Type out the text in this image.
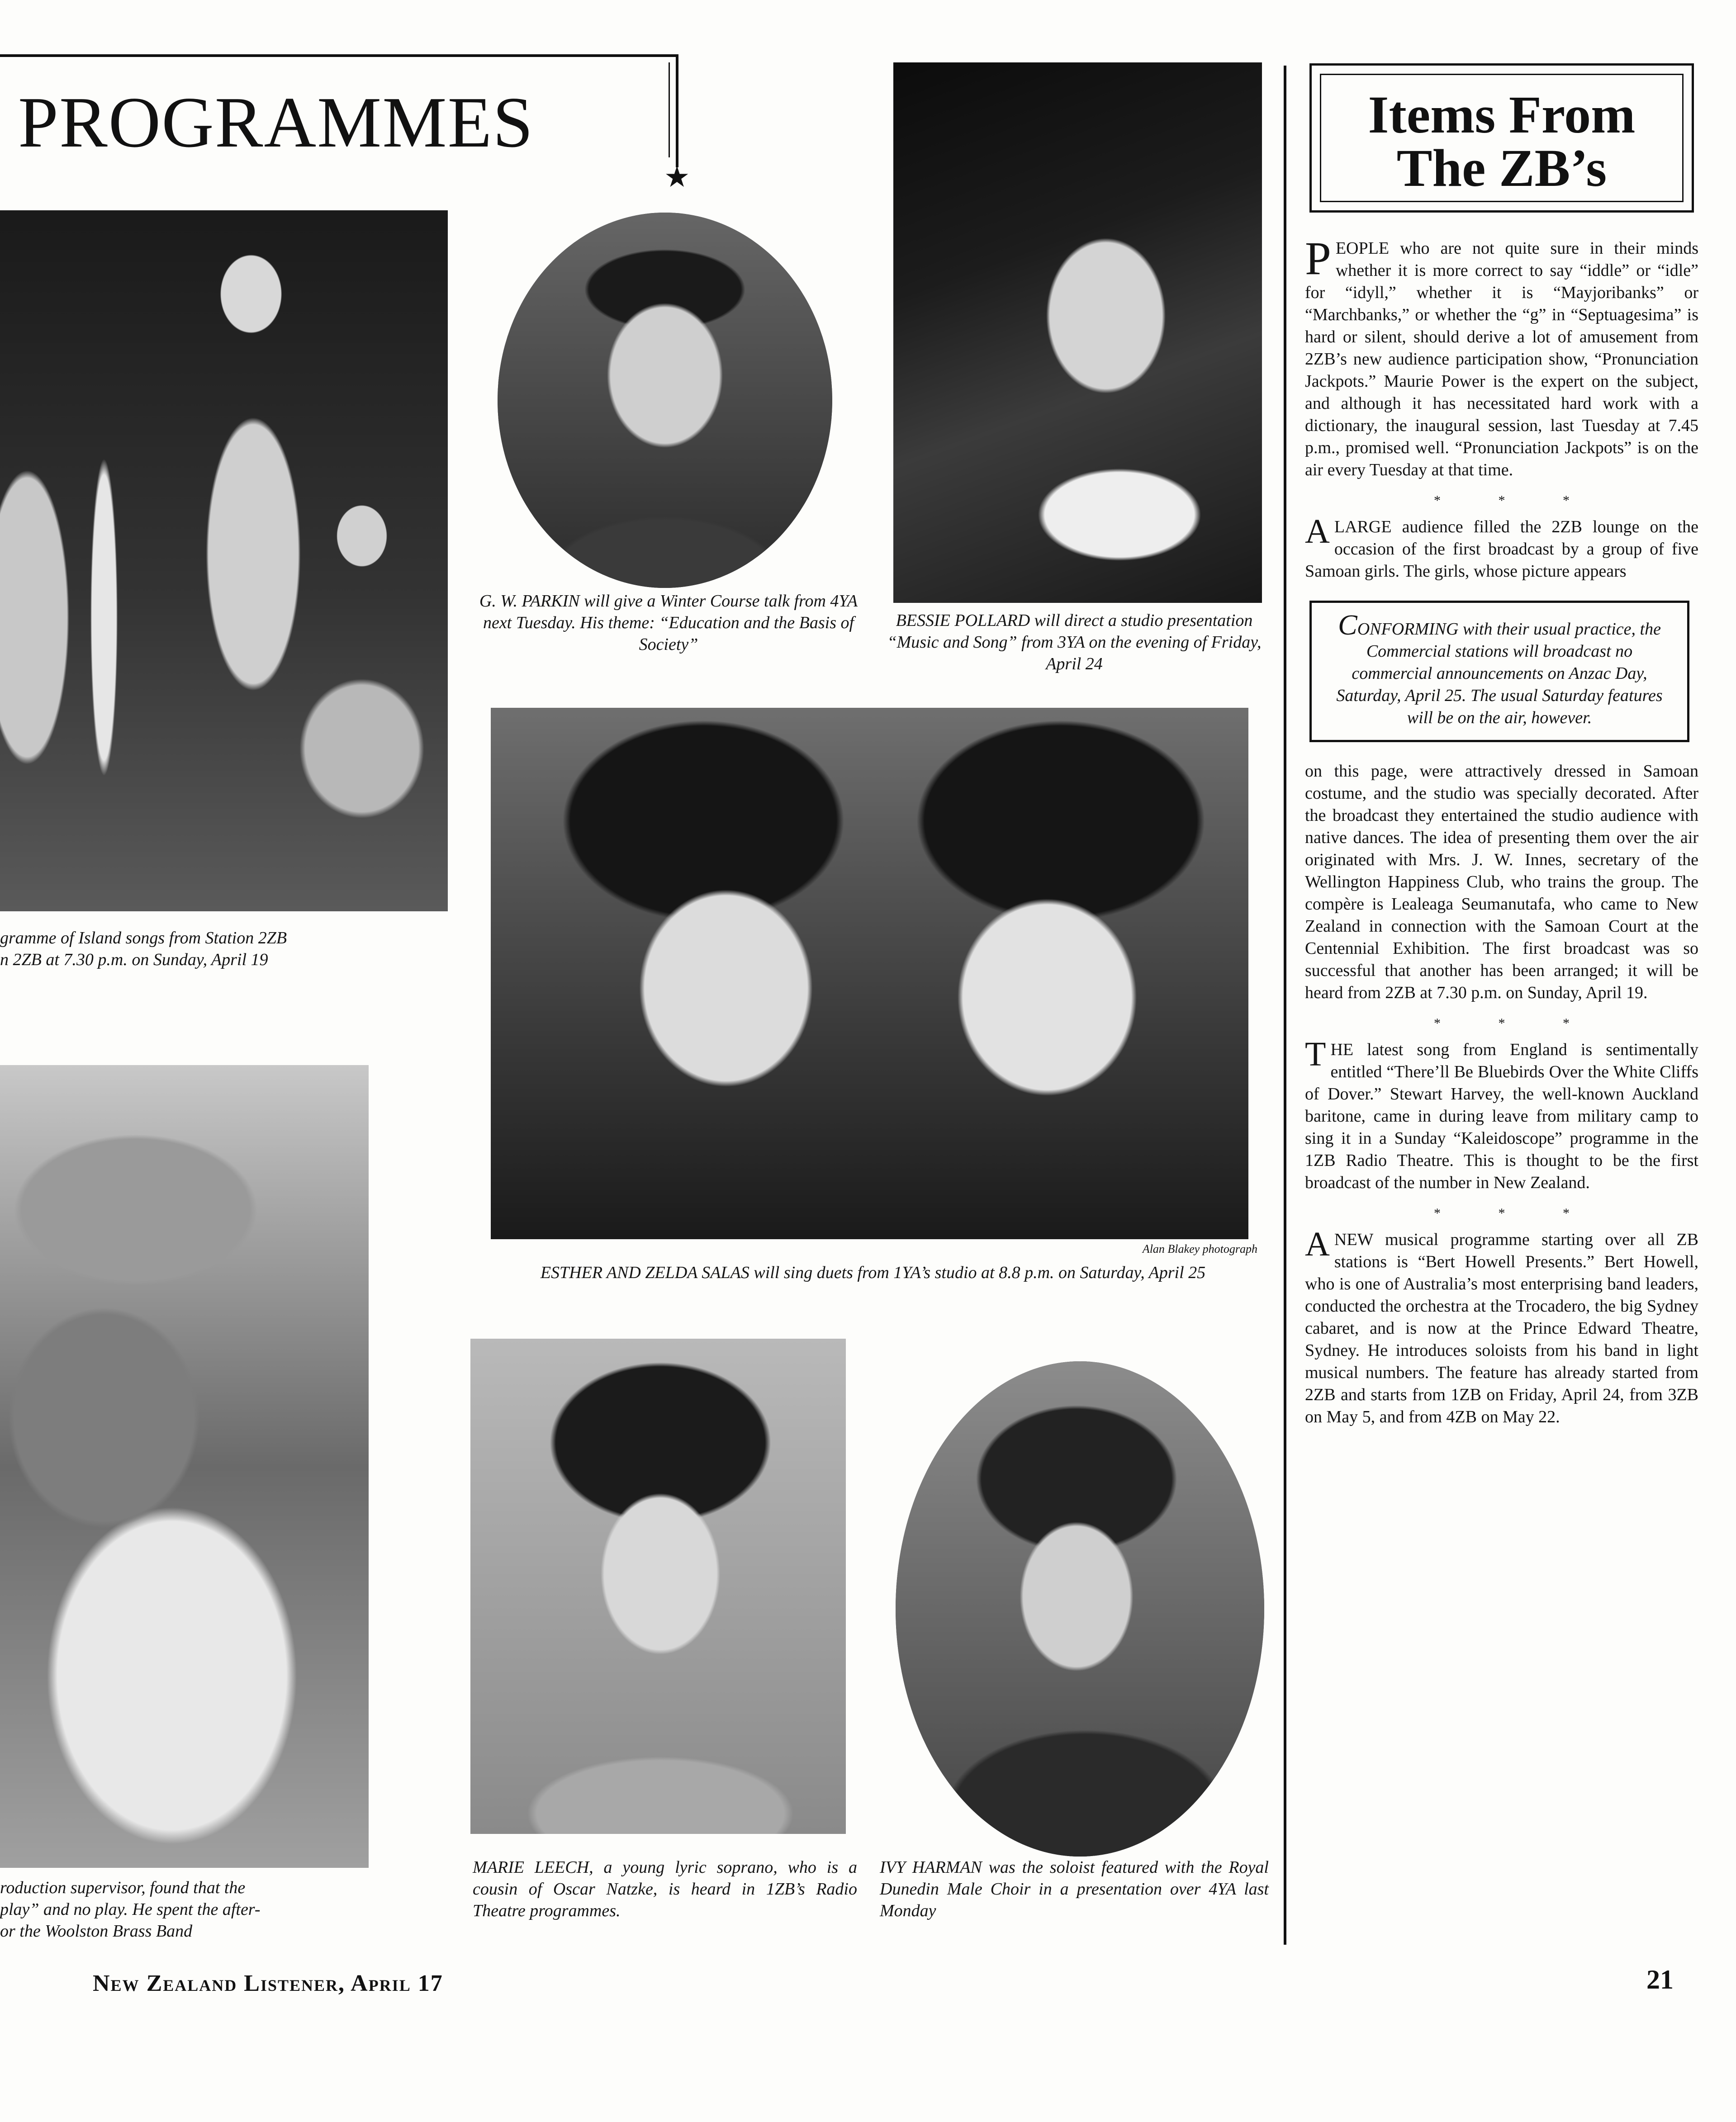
PROGRAMMES
★
gramme of Island songs from Station 2ZB
n 2ZB at 7.30 p.m. on Sunday, April 19
G. W. PARKIN will give a Winter Course talk from 4YA next Tuesday. His theme: “Education and the Basis of Society”
BESSIE POLLARD will direct a studio presentation “Music and Song” from 3YA on the evening of Friday, April 24
Alan Blakey photograph
ESTHER AND ZELDA SALAS will sing duets from 1YA’s studio at 8.8 p.m. on Saturday, April 25
roduction supervisor, found that the
play” and no play. He spent the after-
or the Woolston Brass Band
MARIE LEECH, a young lyric soprano, who is a cousin of Oscar Natzke, is heard in 1ZB’s Radio Theatre programmes.
IVY HARMAN was the soloist featured with the Royal Dunedin Male Choir in a presentation over 4YA last Monday
Items From
The ZB’s

PEOPLE who are not quite sure in their minds whether it is more correct to say “iddle” or “idle” for “idyll,” whether it is “Mayjoribanks” or “Marchbanks,” or whether the “g” in “Septuagesima” is hard or silent, should derive a lot of amusement from 2ZB’s new audience participation show, “Pronunciation Jackpots.” Maurie Power is the expert on the subject, and although it has necessitated hard work with a dictionary, the inaugural session, last Tuesday at 7.45 p.m., promised well. “Pronunciation Jackpots” is on the air every Tuesday at that time.

* * *

ALARGE audience filled the 2ZB lounge on the occasion of the first broadcast by a group of five Samoan girls. The girls, whose picture appears

CONFORMING with their usual practice, the Commercial stations will broadcast no commercial announcements on Anzac Day, Saturday, April 25. The usual Saturday features will be on the air, however.

on this page, were attractively dressed in Samoan costume, and the studio was specially decorated. After the broadcast they entertained the studio audience with native dances. The idea of presenting them over the air originated with Mrs. J. W. Innes, secretary of the Wellington Happiness Club, who trains the group. The compère is Lealeaga Seumanutafa, who came to New Zealand in connection with the Samoan Court at the Centennial Exhibition. The first broadcast was so successful that another has been arranged; it will be heard from 2ZB at 7.30 p.m. on Sunday, April 19.

* * *

THE latest song from England is sentimentally entitled “There’ll Be Bluebirds Over the White Cliffs of Dover.” Stewart Harvey, the well-known Auckland baritone, came in during leave from military camp to sing it in a Sunday “Kaleidoscope” programme in the 1ZB Radio Theatre. This is thought to be the first broadcast of the number in New Zealand.

* * *

ANEW musical programme starting over all ZB stations is “Bert Howell Presents.” Bert Howell, who is one of Australia’s most enterprising band leaders, conducted the orchestra at the Trocadero, the big Sydney cabaret, and is now at the Prince Edward Theatre, Sydney. He introduces soloists from his band in light musical numbers. The feature has already started from 2ZB and starts from 1ZB on Friday, April 24, from 3ZB on May 5, and from 4ZB on May 22.

New Zealand Listener, April 17	21
